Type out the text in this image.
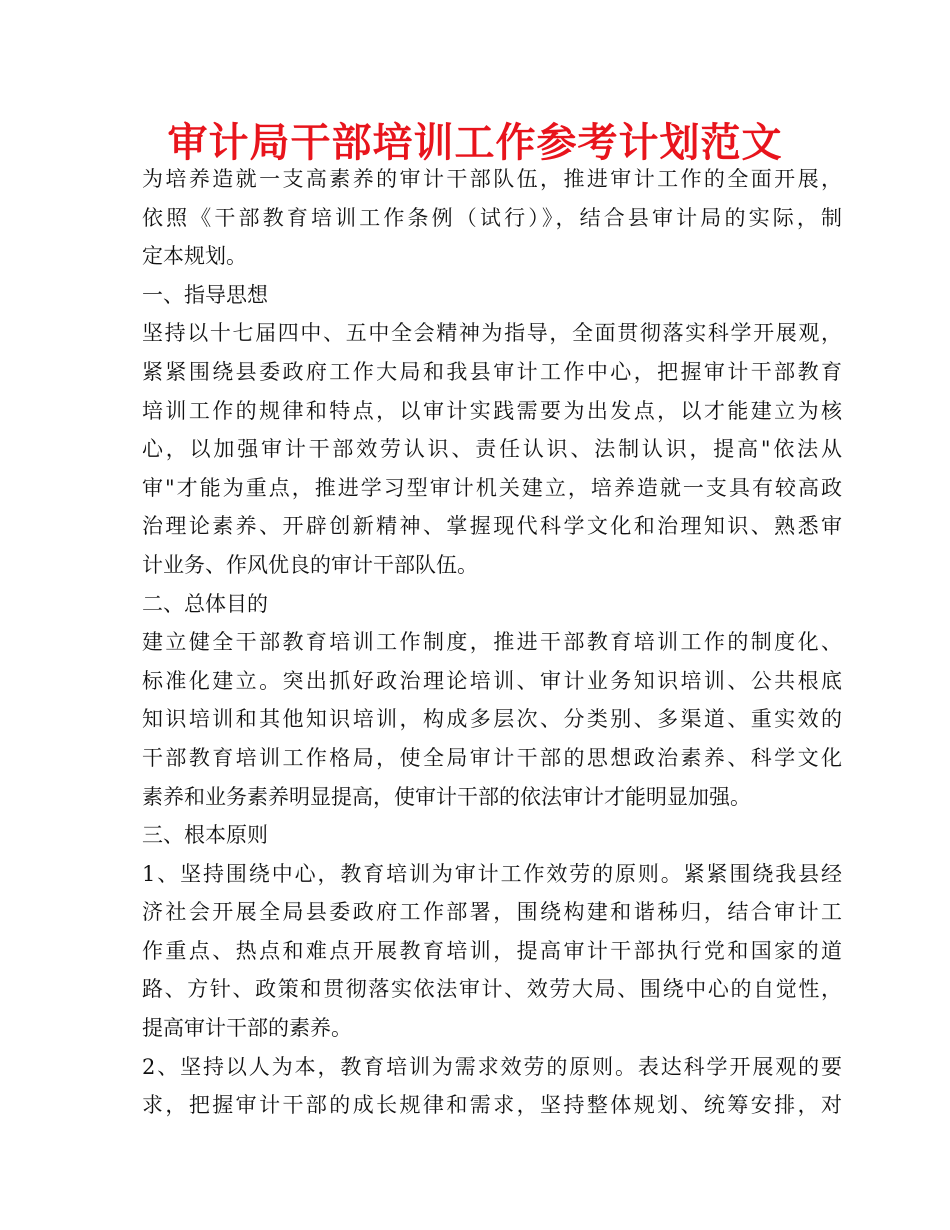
审计局干部培训工作参考计划范文
为培养造就一支高素养的审计干部队伍，推进审计工作的全面开展，
依照《干部教育培训工作条例（试行）》，结合县审计局的实际，制
定本规划。
一、指导思想
坚持以十七届四中、五中全会精神为指导，全面贯彻落实科学开展观，
紧紧围绕县委政府工作大局和我县审计工作中心，把握审计干部教育
培训工作的规律和特点，以审计实践需要为出发点，以才能建立为核
心，以加强审计干部效劳认识、责任认识、法制认识，提高"依法从
审"才能为重点，推进学习型审计机关建立，培养造就一支具有较高政
治理论素养、开辟创新精神、掌握现代科学文化和治理知识、熟悉审
计业务、作风优良的审计干部队伍。
二、总体目的
建立健全干部教育培训工作制度，推进干部教育培训工作的制度化、
标准化建立。突出抓好政治理论培训、审计业务知识培训、公共根底
知识培训和其他知识培训，构成多层次、分类别、多渠道、重实效的
干部教育培训工作格局，使全局审计干部的思想政治素养、科学文化
素养和业务素养明显提高，使审计干部的依法审计才能明显加强。
三、根本原则
1、坚持围绕中心，教育培训为审计工作效劳的原则。紧紧围绕我县经
济社会开展全局县委政府工作部署，围绕构建和谐秭归，结合审计工
作重点、热点和难点开展教育培训，提高审计干部执行党和国家的道
路、方针、政策和贯彻落实依法审计、效劳大局、围绕中心的自觉性，
提高审计干部的素养。
2、坚持以人为本，教育培训为需求效劳的原则。表达科学开展观的要
求，把握审计干部的成长规律和需求，坚持整体规划、统筹安排，对
